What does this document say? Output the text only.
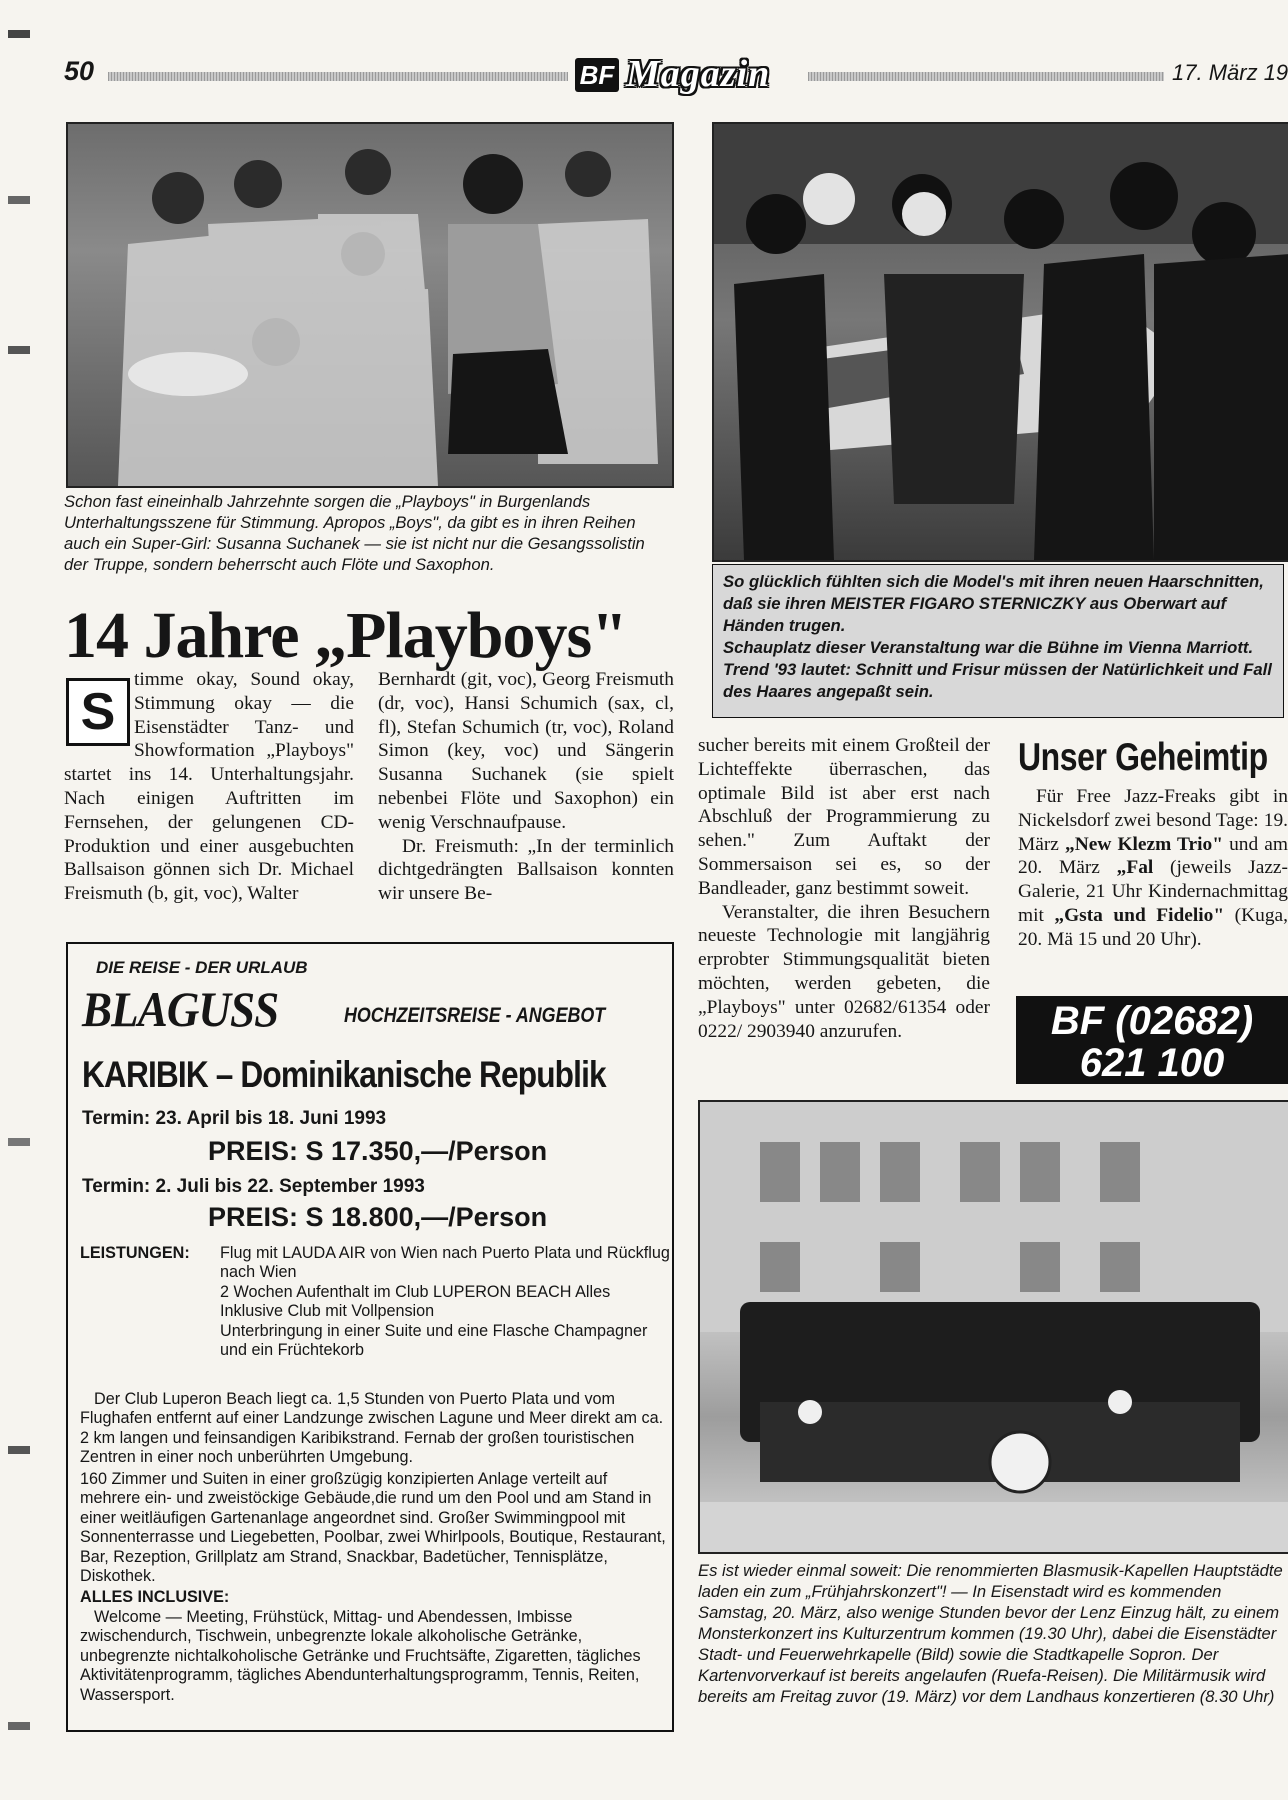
50	BF Magazin	17. März 19
Schon fast eineinhalb Jahrzehnte sorgen die „Playboys" in Burgenlands Unterhaltungsszene für Stimmung. Apropos „Boys", da gibt es in ihren Reihen auch ein Super-Girl: Susanna Suchanek — sie ist nicht nur die Gesangssolistin der Truppe, sondern beherrscht auch Flöte und Saxophon.
14 Jahre „Playboys"
S
timme okay, Sound okay, Stimmung okay — die Eisenstädter Tanz- und Showformation „Playboys" startet ins 14. Unterhaltungsjahr. Nach einigen Auftritten im Fernsehen, der gelungenen CD-Produktion und einer ausgebuchten Ballsaison gönnen sich Dr. Michael Freismuth (b, git, voc), Walter
Bernhardt (git, voc), Georg Freismuth (dr, voc), Hansi Schumich (sax, cl, fl), Stefan Schumich (tr, voc), Roland Simon (key, voc) und Sängerin Susanna Suchanek (sie spielt nebenbei Flöte und Saxophon) ein wenig Verschnaufpause.
Dr. Freismuth: „In der terminlich dichtgedrängten Ballsaison konnten wir unsere Be-
sucher bereits mit einem Großteil der Lichteffekte überraschen, das optimale Bild ist aber erst nach Abschluß der Programmierung zu sehen." Zum Auftakt der Sommersaison sei es, so der Bandleader, ganz bestimmt soweit.
Veranstalter, die ihren Besuchern neueste Technologie mit langjährig erprobter Stimmungsqualität bieten möchten, werden gebeten, die „Playboys" unter 02682/61354 oder 0222/ 2903940 anzurufen.
So glücklich fühlten sich die Model's mit ihren neuen Haarschnitten, daß sie ihren MEISTER FIGARO STERNICZKY aus Oberwart auf Händen trugen.
Schauplatz dieser Veranstaltung war die Bühne im Vienna Marriott. Trend '93 lautet: Schnitt und Frisur müssen der Natürlichkeit und Fall des Haares angepaßt sein.
Unser Geheimtip
Für Free Jazz-Freaks gibt in Nickelsdorf zwei besond Tage: 19. März „New Klezm Trio" und am 20. März „Fal (jeweils Jazz-Galerie, 21 Uhr Kindernachmittag mit „Gsta und Fidelio" (Kuga, 20. Mä 15 und 20 Uhr).
BF (02682)
621 100
Es ist wieder einmal soweit: Die renommierten Blasmusik-Kapellen Hauptstädte laden ein zum „Frühjahrskonzert"! — In Eisenstadt wird es kommenden Samstag, 20. März, also wenige Stunden bevor der Lenz Einzug hält, zu einem Monsterkonzert ins Kulturzentrum kommen (19.30 Uhr), dabei die Eisenstädter Stadt- und Feuerwehrkapelle (Bild) sowie die Stadtkapelle Sopron. Der Kartenvorverkauf ist bereits angelaufen (Ruefa-Reisen). Die Militärmusik wird bereits am Freitag zuvor (19. März) vor dem Landhaus konzertieren (8.30 Uhr)
DIE REISE - DER URLAUB
BLAGUSS	HOCHZEITSREISE - ANGEBOT
KARIBIK – Dominikanische Republik
Termin: 23. April bis 18. Juni 1993
PREIS: S 17.350,—/Person
Termin: 2. Juli bis 22. September 1993
PREIS: S 18.800,—/Person
LEISTUNGEN: Flug mit LAUDA AIR von Wien nach Puerto Plata und Rückflug nach Wien
2 Wochen Aufenthalt im Club LUPERON BEACH Alles Inklusive Club mit Vollpension
Unterbringung in einer Suite und eine Flasche Champagner und ein Früchtekorb
Der Club Luperon Beach liegt ca. 1,5 Stunden von Puerto Plata und vom Flughafen entfernt auf einer Landzunge zwischen Lagune und Meer direkt am ca. 2 km langen und feinsandigen Karibikstrand. Fernab der großen touristischen Zentren in einer noch unberührten Umgebung.
160 Zimmer und Suiten in einer großzügig konzipierten Anlage verteilt auf mehrere ein- und zweistöckige Gebäude,die rund um den Pool und am Stand in einer weitläufigen Gartenanlage angeordnet sind. Großer Swimmingpool mit Sonnenterrasse und Liegebetten, Poolbar, zwei Whirlpools, Boutique, Restaurant, Bar, Rezeption, Grillplatz am Strand, Snackbar, Badetücher, Tennisplätze, Diskothek.
ALLES INCLUSIVE:
Welcome — Meeting, Frühstück, Mittag- und Abendessen, Imbisse zwischendurch, Tischwein, unbegrenzte lokale alkoholische Getränke, unbegrenzte nichtalkoholische Getränke und Fruchtsäfte, Zigaretten, tägliches Aktivitätenprogramm, tägliches Abendunterhaltungsprogramm, Tennis, Reiten, Wassersport.
